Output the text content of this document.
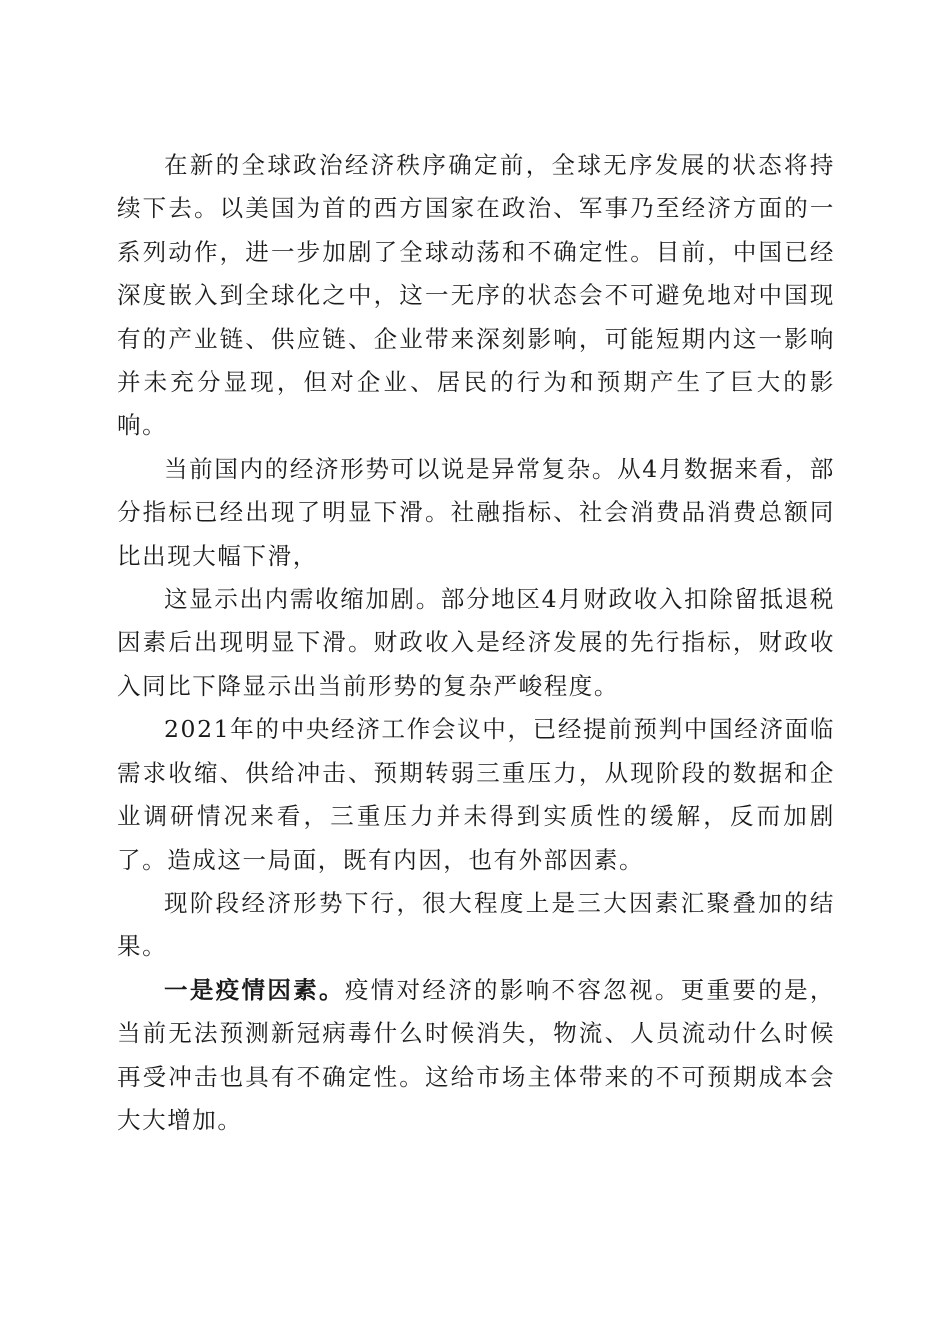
在新的全球政治经济秩序确定前，全球无序发展的状态将持续下去。以美国为首的西方国家在政治、军事乃至经济方面的一系列动作，进一步加剧了全球动荡和不确定性。目前，中国已经深度嵌入到全球化之中，这一无序的状态会不可避免地对中国现有的产业链、供应链、企业带来深刻影响，可能短期内这一影响并未充分显现，但对企业、居民的行为和预期产生了巨大的影响。

当前国内的经济形势可以说是异常复杂。从4月数据来看，部分指标已经出现了明显下滑。社融指标、社会消费品消费总额同比出现大幅下滑，

这显示出内需收缩加剧。部分地区4月财政收入扣除留抵退税因素后出现明显下滑。财政收入是经济发展的先行指标，财政收入同比下降显示出当前形势的复杂严峻程度。

2021年的中央经济工作会议中，已经提前预判中国经济面临需求收缩、供给冲击、预期转弱三重压力，从现阶段的数据和企业调研情况来看，三重压力并未得到实质性的缓解，反而加剧了。造成这一局面，既有内因，也有外部因素。

现阶段经济形势下行，很大程度上是三大因素汇聚叠加的结果。

一是疫情因素。疫情对经济的影响不容忽视。更重要的是，当前无法预测新冠病毒什么时候消失，物流、人员流动什么时候再受冲击也具有不确定性。这给市场主体带来的不可预期成本会大大增加。
